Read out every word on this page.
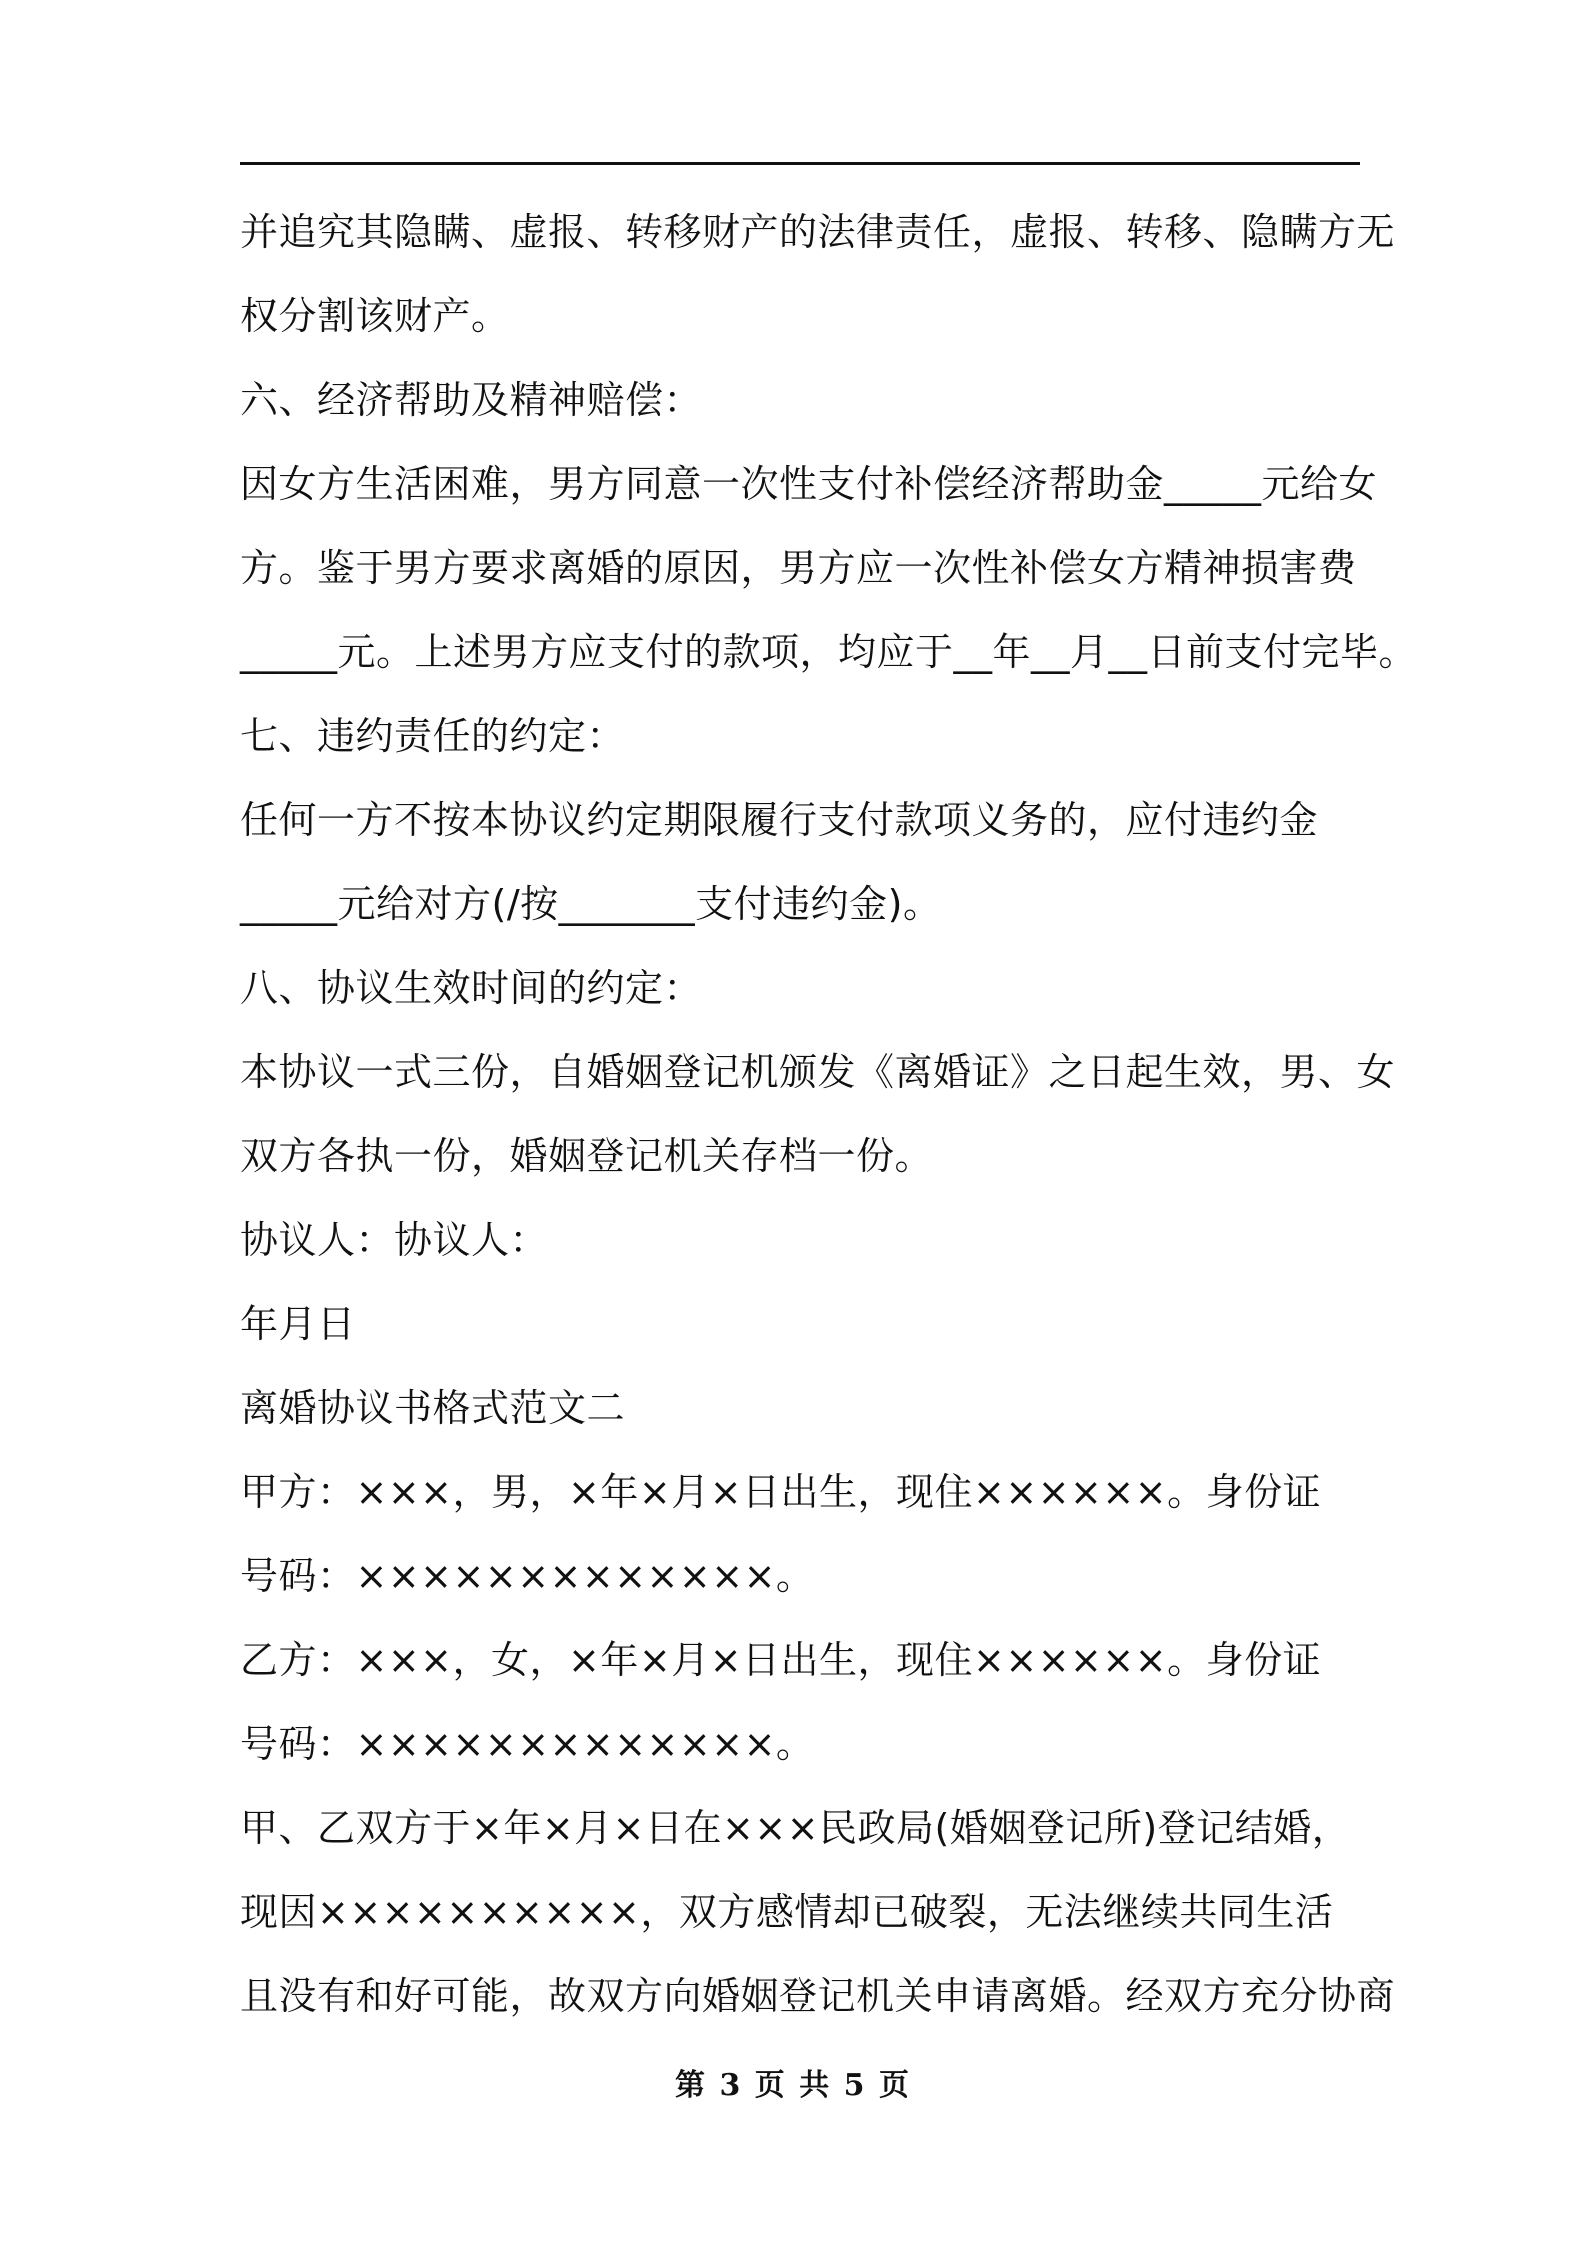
并追究其隐瞒、虚报、转移财产的法律责任，虚报、转移、隐瞒方无
权分割该财产。
六、经济帮助及精神赔偿：
因女方生活困难，男方同意一次性支付补偿经济帮助金_____元给女
方。鉴于男方要求离婚的原因，男方应一次性补偿女方精神损害费
_____元。上述男方应支付的款项，均应于__年__月__日前支付完毕。
七、违约责任的约定：
任何一方不按本协议约定期限履行支付款项义务的，应付违约金
_____元给对方(/按_______支付违约金)。
八、协议生效时间的约定：
本协议一式三份，自婚姻登记机颁发《离婚证》之日起生效，男、女
双方各执一份，婚姻登记机关存档一份。
协议人：协议人：
年月日
离婚协议书格式范文二
甲方：×××，男，×年×月×日出生，现住××××××。身份证
号码：×××××××××××××。
乙方：×××，女，×年×月×日出生，现住××××××。身份证
号码：×××××××××××××。
甲、乙双方于×年×月×日在×××民政局(婚姻登记所)登记结婚，
现因××××××××××，双方感情却已破裂，无法继续共同生活
且没有和好可能，故双方向婚姻登记机关申请离婚。经双方充分协商
第 3 页 共 5 页
